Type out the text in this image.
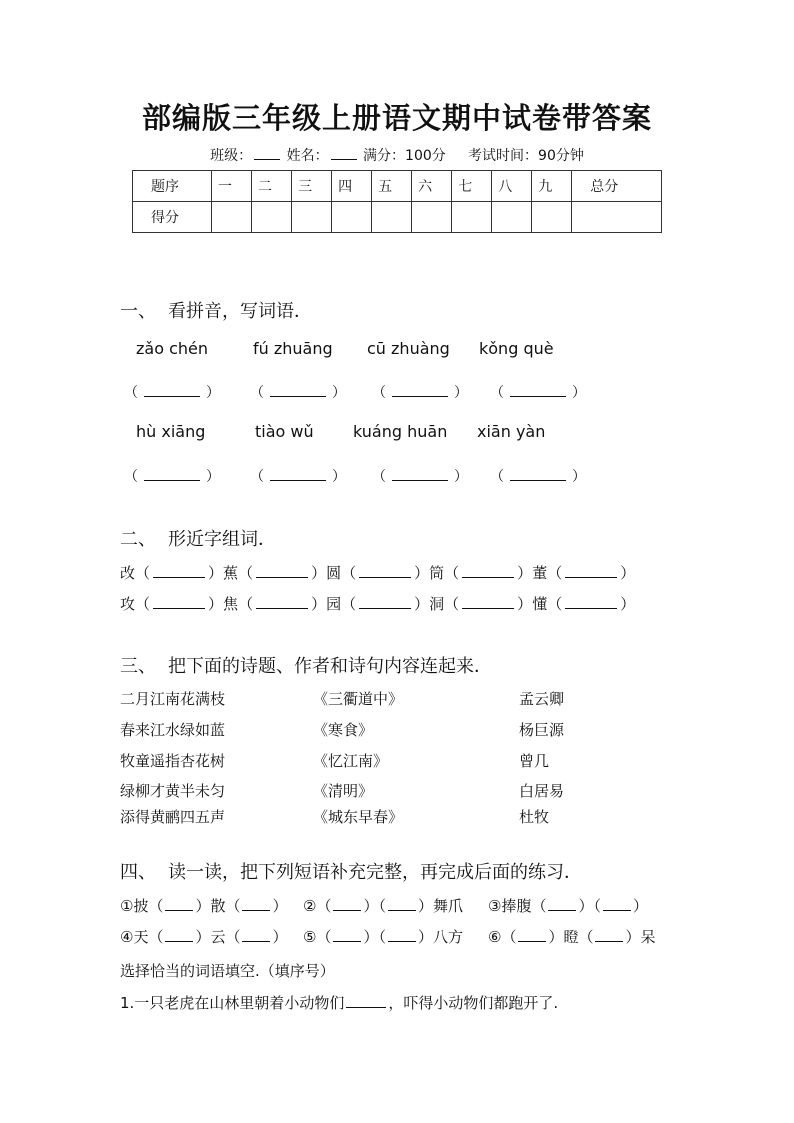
部编版三年级上册语文期中试卷带答案
班级： 姓名： 满分：100分 考试时间：90分钟
题序	一	二	三	四	五	六	七	八	九	总分
得分										
一、 看拼音，写词语．
zǎo chén	fú zhuāng cū zhuàng kǒng què
（	） （	） （	） （	）
hù xiāng	tiào wǔ kuáng huān xiān yàn
（	） （	） （	） （	）
二、 形近字组词．
改（	）蕉（	）圆（	）筒（	）董（	）
攻（	）焦（	）园（	）洞（	）懂（	）
三、 把下面的诗题、作者和诗句内容连起来．
二月江南花满枝	《三衢道中》	孟云卿
春来江水绿如蓝	《寒食》	杨巨源
牧童遥指杏花树	《忆江南》	曾几
绿柳才黄半未匀	《清明》	白居易
添得黄鹂四五声	《城东早春》	杜牧
四、 读一读，把下列短语补充完整，再完成后面的练习．
①披（ ）散（ ） ②（ ）（ ）舞爪 ③捧腹（ ）（ ）
④天（ ）云（ ） ⑤（ ）（ ）八方 ⑥（ ）瞪（ ）呆
选择恰当的词语填空.（填序号）
1.一只老虎在山林里朝着小动物们	，吓得小动物们都跑开了.
